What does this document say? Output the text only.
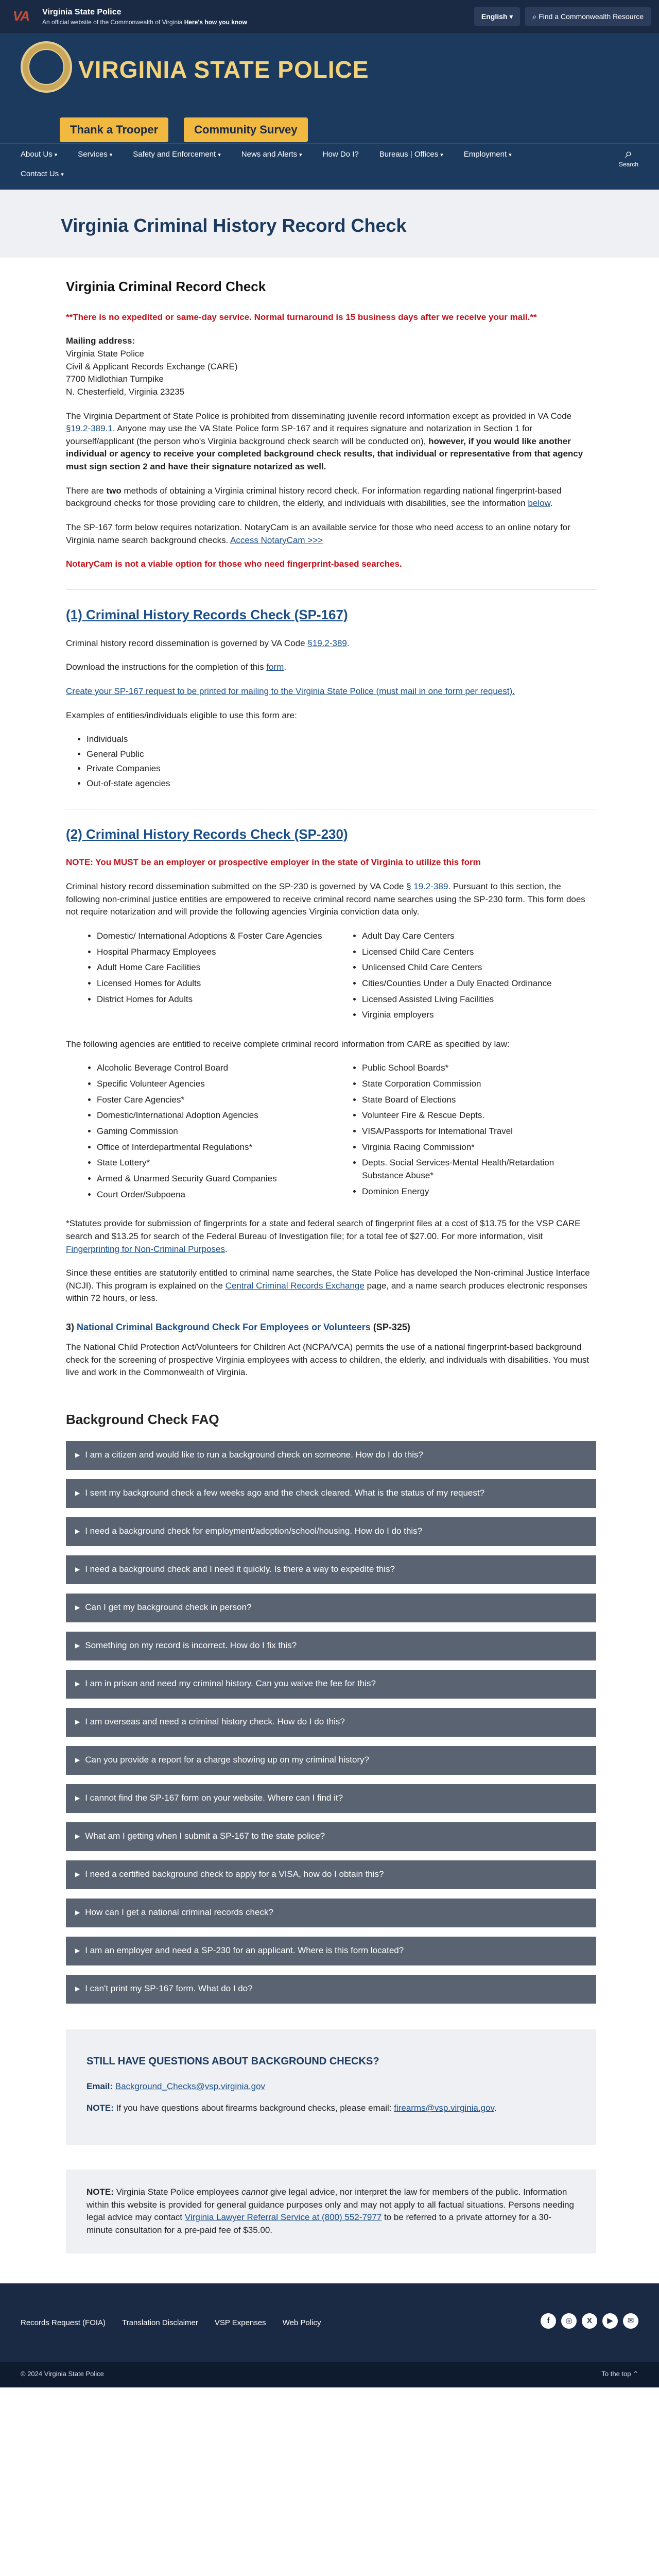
VA Virginia State Police
An official website of the Commonwealth of Virginia Here's how you know
English ▾	⌕ Find a Commonwealth Resource
VIRGINIA STATE POLICE
Thank a Trooper	Community Survey
About Us ▾	Services ▾	Safety and Enforcement ▾	News and Alerts ▾	How Do I?	Bureaus | Offices ▾	Employment ▾
Contact Us ▾
⌕
Search
Virginia Criminal History Record Check
Virginia Criminal Record Check

**There is no expedited or same-day service. Normal turnaround is 15 business days after we receive your mail.**

Mailing address:
Virginia State Police
Civil & Applicant Records Exchange (CARE)
7700 Midlothian Turnpike
N. Chesterfield, Virginia 23235

The Virginia Department of State Police is prohibited from disseminating juvenile record information except as provided in VA Code §19.2-389.1. Anyone may use the VA State Police form SP-167 and it requires signature and notarization in Section 1 for yourself/applicant (the person who's Virginia background check search will be conducted on), however, if you would like another individual or agency to receive your completed background check results, that individual or representative from that agency must sign section 2 and have their signature notarized as well.

There are two methods of obtaining a Virginia criminal history record check. For information regarding national fingerprint-based background checks for those providing care to children, the elderly, and individuals with disabilities, see the information below.

The SP-167 form below requires notarization. NotaryCam is an available service for those who need access to an online notary for Virginia name search background checks. Access NotaryCam >>>

NotaryCam is not a viable option for those who need fingerprint-based searches.

(1) Criminal History Records Check (SP-167)

Criminal history record dissemination is governed by VA Code §19.2-389.

Download the instructions for the completion of this form.

Create your SP-167 request to be printed for mailing to the Virginia State Police (must mail in one form per request).

Examples of entities/individuals eligible to use this form are:

• Individuals
• General Public
• Private Companies
• Out-of-state agencies
(2) Criminal History Records Check (SP-230)

NOTE: You MUST be an employer or prospective employer in the state of Virginia to utilize this form

Criminal history record dissemination submitted on the SP-230 is governed by VA Code § 19.2-389. Pursuant to this section, the following non-criminal justice entities are empowered to receive criminal record name searches using the SP-230 form. This form does not require notarization and will provide the following agencies Virginia conviction data only.

• Domestic/ International Adoptions & Foster Care Agencies
• Hospital Pharmacy Employees
• Adult Home Care Facilities
• Licensed Homes for Adults
• District Homes for Adults
• Adult Day Care Centers
• Licensed Child Care Centers
• Unlicensed Child Care Centers
• Cities/Counties Under a Duly Enacted Ordinance
• Licensed Assisted Living Facilities
• Virginia employers

The following agencies are entitled to receive complete criminal record information from CARE as specified by law:

• Alcoholic Beverage Control Board
• Specific Volunteer Agencies
• Foster Care Agencies*
• Domestic/International Adoption Agencies
• Gaming Commission
• Office of Interdepartmental Regulations*
• State Lottery*
• Armed & Unarmed Security Guard Companies
• Court Order/Subpoena
• Public School Boards*
• State Corporation Commission
• State Board of Elections
• Volunteer Fire & Rescue Depts.
• VISA/Passports for International Travel
• Virginia Racing Commission*
• Depts. Social Services-Mental Health/Retardation Substance Abuse*
• Dominion Energy

*Statutes provide for submission of fingerprints for a state and federal search of fingerprint files at a cost of $13.75 for the VSP CARE search and $13.25 for search of the Federal Bureau of Investigation file; for a total fee of $27.00. For more information, visit Fingerprinting for Non-Criminal Purposes.

Since these entities are statutorily entitled to criminal name searches, the State Police has developed the Non-criminal Justice Interface (NCJI). This program is explained on the Central Criminal Records Exchange page, and a name search produces electronic responses within 72 hours, or less.

3) National Criminal Background Check For Employees or Volunteers (SP-325)

The National Child Protection Act/Volunteers for Children Act (NCPA/VCA) permits the use of a national fingerprint-based background check for the screening of prospective Virginia employees with access to children, the elderly, and individuals with disabilities. You must live and work in the Commonwealth of Virginia.

Background Check FAQ
▶ I am a citizen and would like to run a background check on someone. How do I do this?
▶ I sent my background check a few weeks ago and the check cleared. What is the status of my request?
▶ I need a background check for employment/adoption/school/housing. How do I do this?
▶ I need a background check and I need it quickly. Is there a way to expedite this?
▶ Can I get my background check in person?
▶ Something on my record is incorrect. How do I fix this?
▶ I am in prison and need my criminal history. Can you waive the fee for this?
▶ I am overseas and need a criminal history check. How do I do this?
▶ Can you provide a report for a charge showing up on my criminal history?
▶ I cannot find the SP-167 form on your website. Where can I find it?
▶ What am I getting when I submit a SP-167 to the state police?
▶ I need a certified background check to apply for a VISA, how do I obtain this?
▶ How can I get a national criminal records check?
▶ I am an employer and need a SP-230 for an applicant. Where is this form located?
▶ I can't print my SP-167 form. What do I do?
STILL HAVE QUESTIONS ABOUT BACKGROUND CHECKS?

Email: Background_Checks@vsp.virginia.gov

NOTE: If you have questions about firearms background checks, please email: firearms@vsp.virginia.gov.

NOTE: Virginia State Police employees cannot give legal advice, nor interpret the law for members of the public. Information within this website is provided for general guidance purposes only and may not apply to all factual situations. Persons needing legal advice may contact Virginia Lawyer Referral Service at (800) 552-7977 to be referred to a private attorney for a 30-minute consultation for a pre-paid fee of $35.00.

Records Request (FOIA) Translation Disclaimer VSP Expenses Web Policy	f	◎	X	▶	✉
© 2024 Virginia State Police	To the top ⌃
